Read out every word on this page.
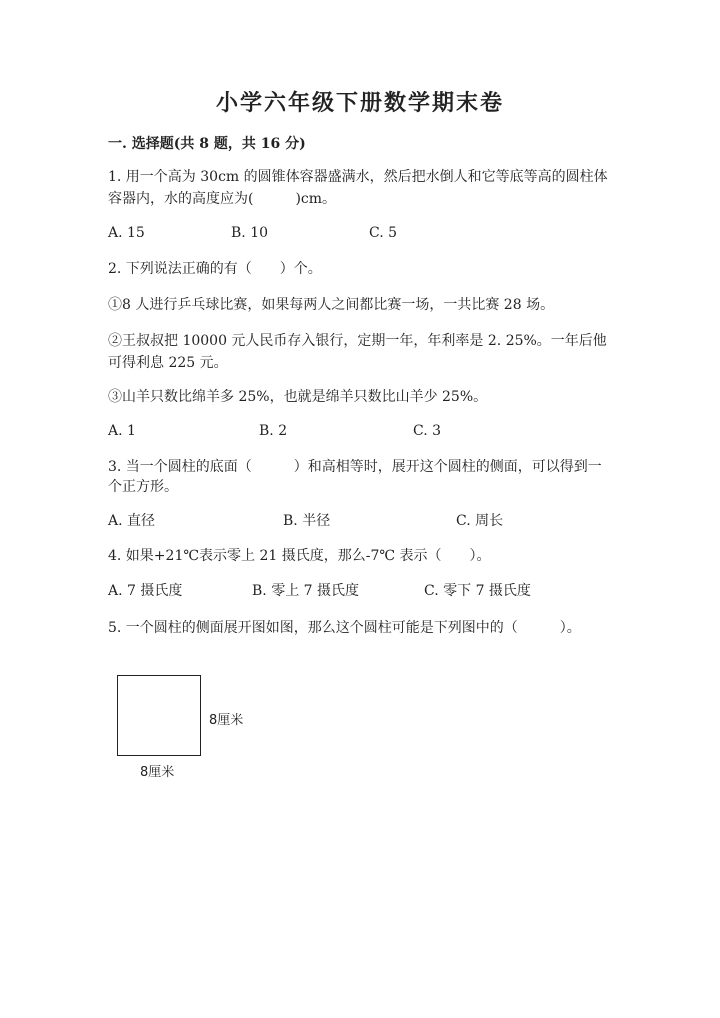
小学六年级下册数学期末卷
一. 选择题(共 8 题，共 16 分)
1. 用一个高为 30cm 的圆锥体容器盛满水，然后把水倒人和它等底等高的圆柱体
容器内，水的高度应为(　　　)cm。
A. 15	B. 10	C. 5
2. 下列说法正确的有（　　）个。
①8 人进行乒乓球比赛，如果每两人之间都比赛一场，一共比赛 28 场。
②王叔叔把 10000 元人民币存入银行，定期一年，年利率是 2. 25%。一年后他
可得利息 225 元。
③山羊只数比绵羊多 25%，也就是绵羊只数比山羊少 25%。
A. 1	B. 2	C. 3
3. 当一个圆柱的底面（　　　）和高相等时，展开这个圆柱的侧面，可以得到一
个正方形。
A. 直径	B. 半径	C. 周长
4. 如果+21℃表示零上 21 摄氏度，那么-7℃ 表示（　　）。
A. 7 摄氏度	B. 零上 7 摄氏度	C. 零下 7 摄氏度
5. 一个圆柱的侧面展开图如图，那么这个圆柱可能是下列图中的（　　　）。
8厘米
8厘米
